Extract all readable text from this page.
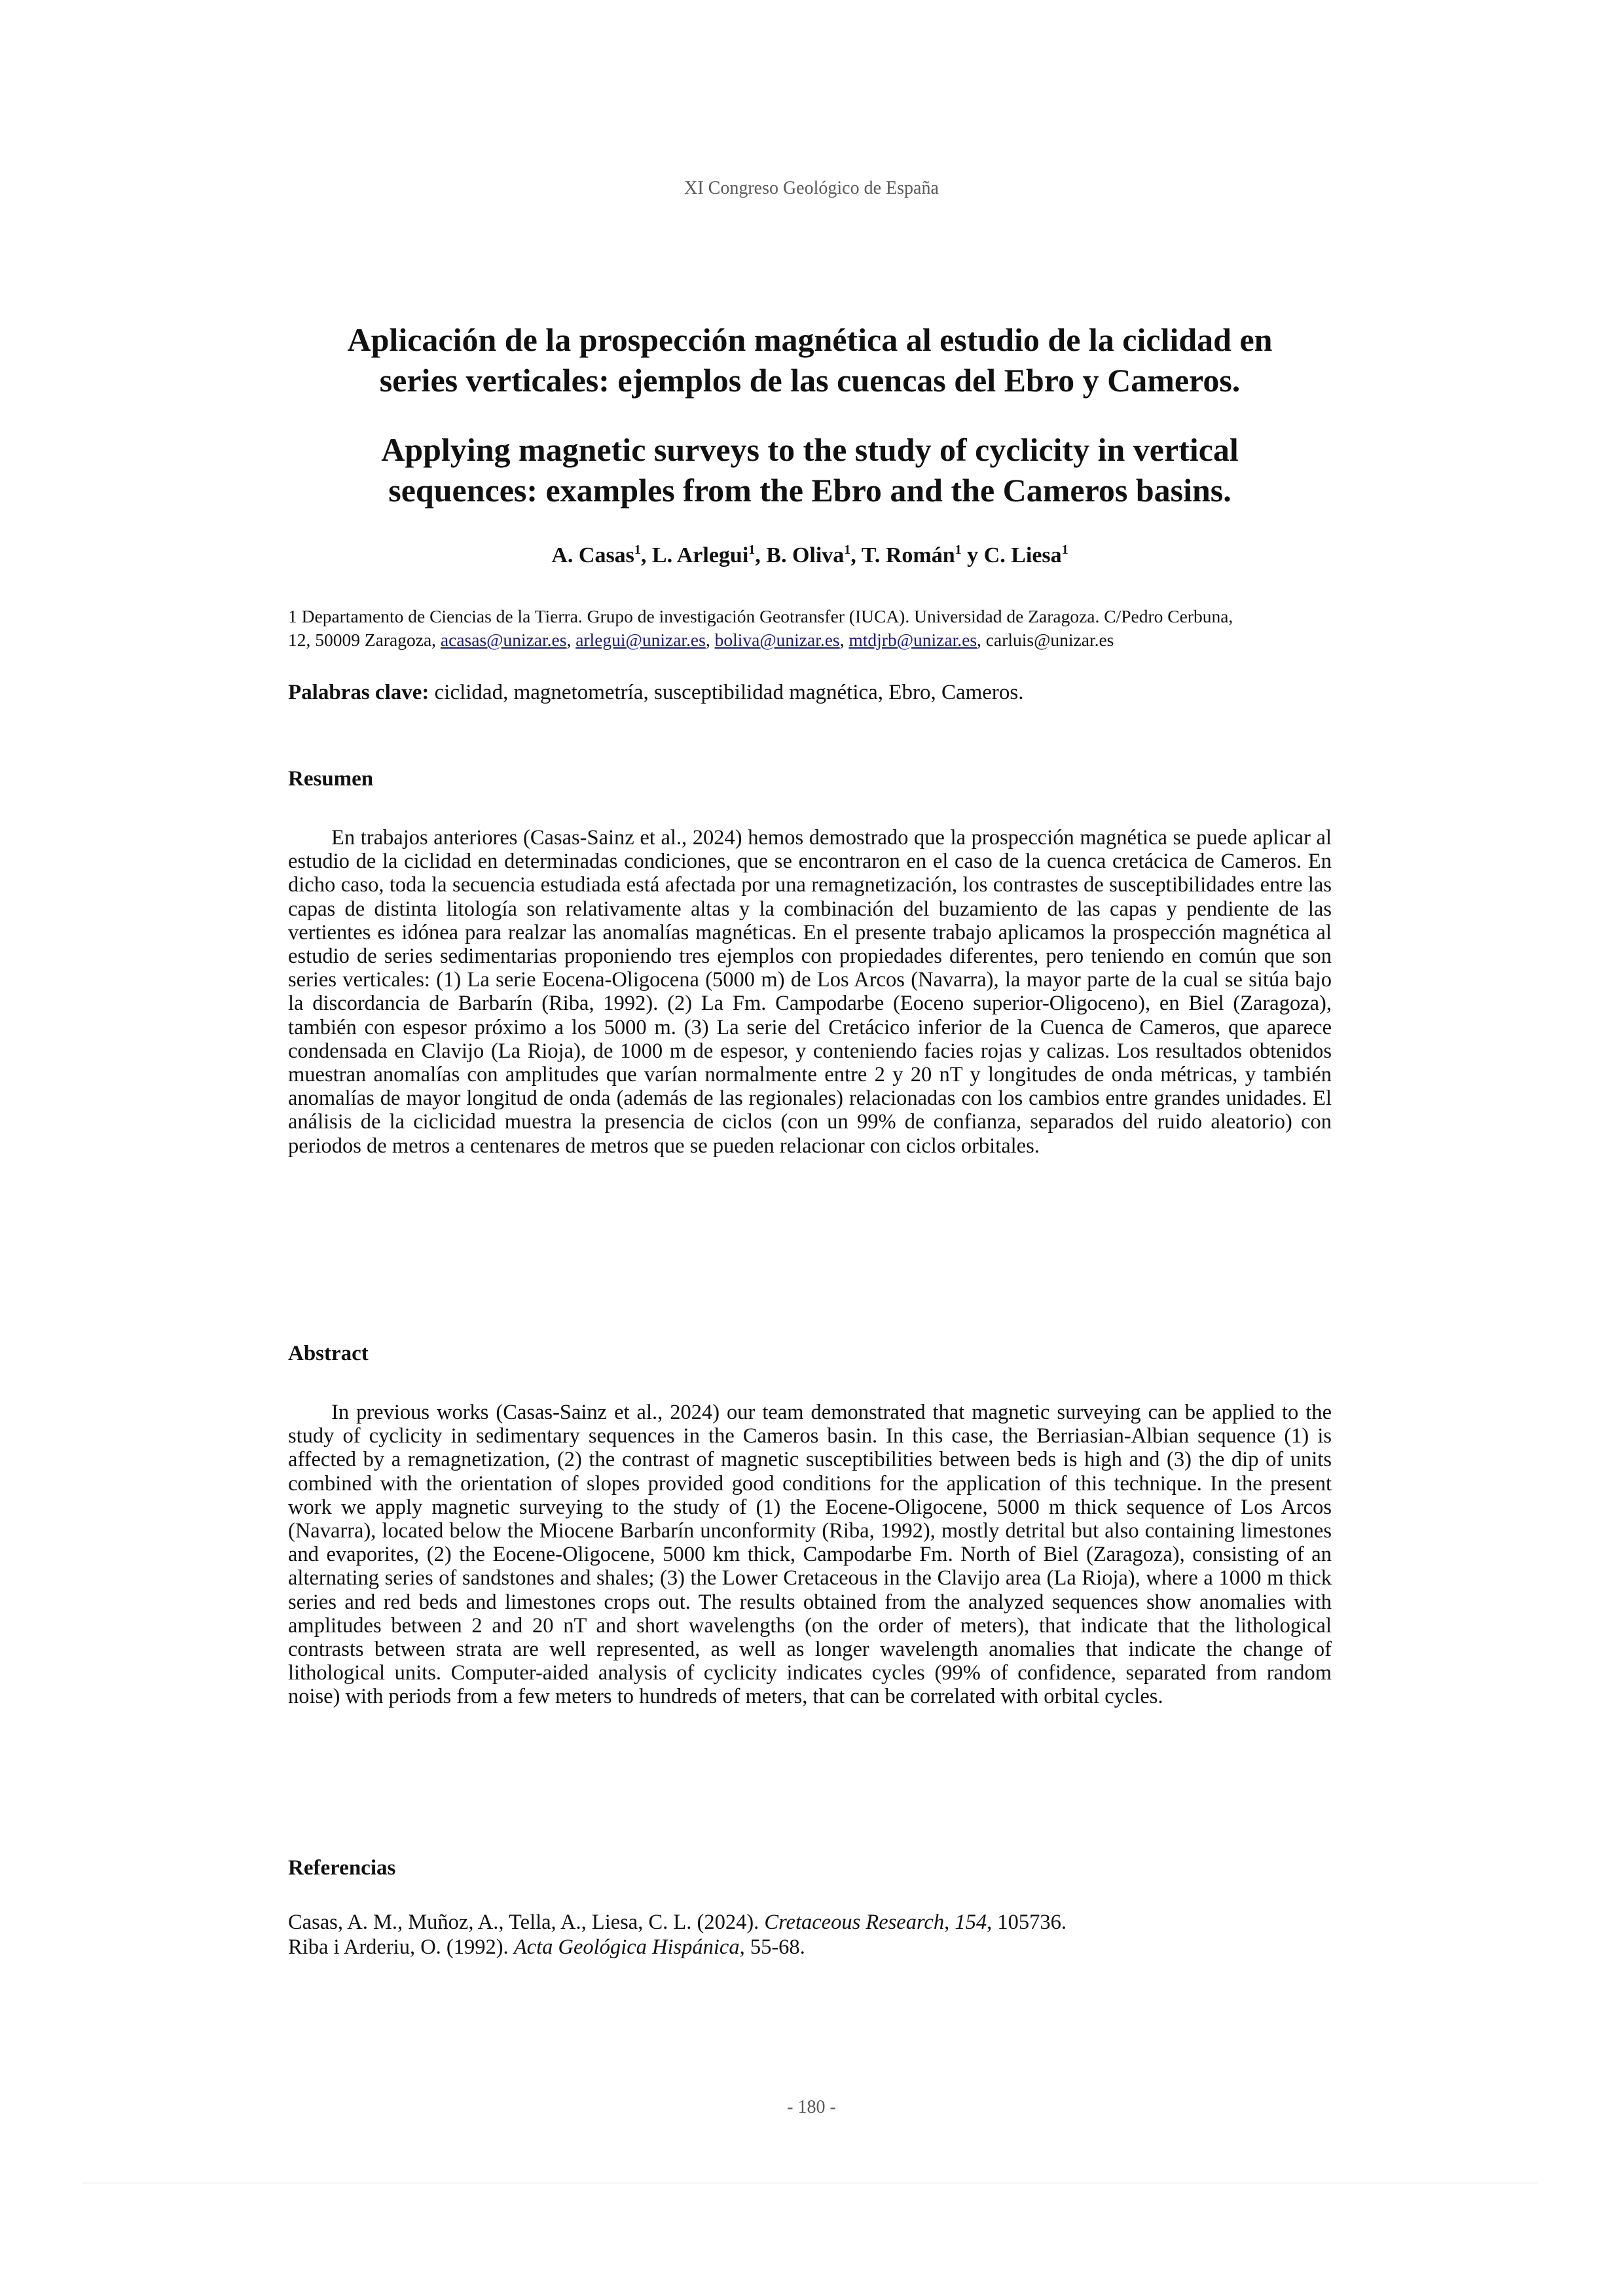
XI Congreso Geológico de España
Aplicación de la prospección magnética al estudio de la ciclidad en
series verticales: ejemplos de las cuencas del Ebro y Cameros.
Applying magnetic surveys to the study of cyclicity in vertical
sequences: examples from the Ebro and the Cameros basins.
A. Casas$^1$, L. Arlegui$^1$, B. Oliva$^1$, T. Román$^1$ y C. Liesa$^1$
1 Departamento de Ciencias de la Tierra. Grupo de investigación Geotransfer (IUCA). Universidad de Zaragoza. C/Pedro Cerbuna,
12, 50009 Zaragoza, acasas@unizar.es, arlegui@unizar.es, boliva@unizar.es, mtdjrb@unizar.es, carluis@unizar.es
Palabras clave: ciclidad, magnetometría, susceptibilidad magnética, Ebro, Cameros.
Resumen
En trabajos anteriores (Casas-Sainz et al., 2024) hemos demostrado que la prospección magnética se puede aplicar al estudio de la ciclidad en determinadas condiciones, que se encontraron en el caso de la cuenca cretácica de Cameros. En dicho caso, toda la secuencia estudiada está afectada por una remagnetización, los contrastes de susceptibilidades entre las capas de distinta litología son relativamente altas y la combinación del buzamiento de las capas y pendiente de las vertientes es idónea para realzar las anomalías magnéticas. En el presente trabajo aplicamos la prospección magnética al estudio de series sedimentarias proponiendo tres ejemplos con propiedades diferentes, pero teniendo en común que son series verticales: (1) La serie Eocena-Oligocena (5000 m) de Los Arcos (Navarra), la mayor parte de la cual se sitúa bajo la discordancia de Barbarín (Riba, 1992). (2) La Fm. Campodarbe (Eoceno superior-Oligoceno), en Biel (Zaragoza), también con espesor próximo a los 5000 m. (3) La serie del Cretácico inferior de la Cuenca de Cameros, que aparece condensada en Clavijo (La Rioja), de 1000 m de espesor, y conteniendo facies rojas y calizas. Los resultados obtenidos muestran anomalías con amplitudes que varían normalmente entre 2 y 20 nT y longitudes de onda métricas, y también anomalías de mayor longitud de onda (además de las regionales) relacionadas con los cambios entre grandes unidades. El análisis de la ciclicidad muestra la presencia de ciclos (con un 99% de confianza, separados del ruido aleatorio) con periodos de metros a centenares de metros que se pueden relacionar con ciclos orbitales.
Abstract
In previous works (Casas-Sainz et al., 2024) our team demonstrated that magnetic surveying can be applied to the study of cyclicity in sedimentary sequences in the Cameros basin. In this case, the Berriasian-Albian sequence (1) is affected by a remagnetization, (2) the contrast of magnetic susceptibilities between beds is high and (3) the dip of units combined with the orientation of slopes provided good conditions for the application of this technique. In the present work we apply magnetic surveying to the study of (1) the Eocene-Oligocene, 5000 m thick sequence of Los Arcos (Navarra), located below the Miocene Barbarín unconformity (Riba, 1992), mostly detrital but also containing limestones and evaporites, (2) the Eocene-Oligocene, 5000 km thick, Campodarbe Fm. North of Biel (Zaragoza), consisting of an alternating series of sandstones and shales; (3) the Lower Cretaceous in the Clavijo area (La Rioja), where a 1000 m thick series and red beds and limestones crops out. The results obtained from the analyzed sequences show anomalies with amplitudes between 2 and 20 nT and short wavelengths (on the order of meters), that indicate that the lithological contrasts between strata are well represented, as well as longer wavelength anomalies that indicate the change of lithological units. Computer-aided analysis of cyclicity indicates cycles (99% of confidence, separated from random noise) with periods from a few meters to hundreds of meters, that can be correlated with orbital cycles.
Referencias
Casas, A. M., Muñoz, A., Tella, A., Liesa, C. L. (2024). Cretaceous Research, 154, 105736.
Riba i Arderiu, O. (1992). Acta Geológica Hispánica, 55-68.
- 180 -
